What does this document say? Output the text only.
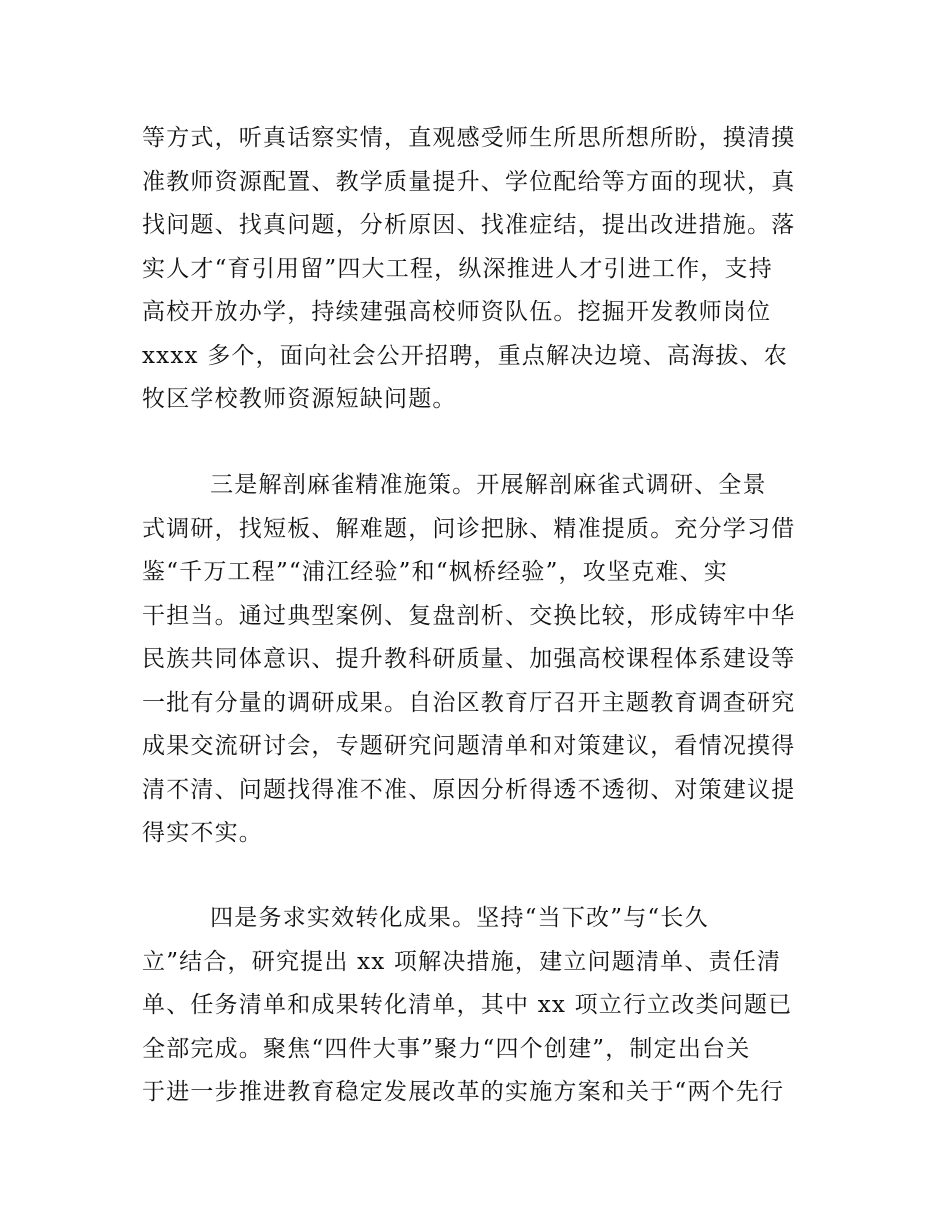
等方式，听真话察实情，直观感受师生所思所想所盼，摸清摸
准教师资源配置、教学质量提升、学位配给等方面的现状，真
找问题、找真问题，分析原因、找准症结，提出改进措施。落
实人才“育引用留”四大工程，纵深推进人才引进工作，支持
高校开放办学，持续建强高校师资队伍。挖掘开发教师岗位
xxxx 多个，面向社会公开招聘，重点解决边境、高海拔、农
牧区学校教师资源短缺问题。
三是解剖麻雀精准施策。开展解剖麻雀式调研、全景
式调研，找短板、解难题，问诊把脉、精准提质。充分学习借
鉴“千万工程”“浦江经验”和“枫桥经验”，攻坚克难、实
干担当。通过典型案例、复盘剖析、交换比较，形成铸牢中华
民族共同体意识、提升教科研质量、加强高校课程体系建设等
一批有分量的调研成果。自治区教育厅召开主题教育调查研究
成果交流研讨会，专题研究问题清单和对策建议，看情况摸得
清不清、问题找得准不准、原因分析得透不透彻、对策建议提
得实不实。
四是务求实效转化成果。坚持“当下改”与“长久
立”结合，研究提出 xx 项解决措施，建立问题清单、责任清
单、任务清单和成果转化清单，其中 xx 项立行立改类问题已
全部完成。聚焦“四件大事”聚力“四个创建”，制定出台关
于进一步推进教育稳定发展改革的实施方案和关于“两个先行
